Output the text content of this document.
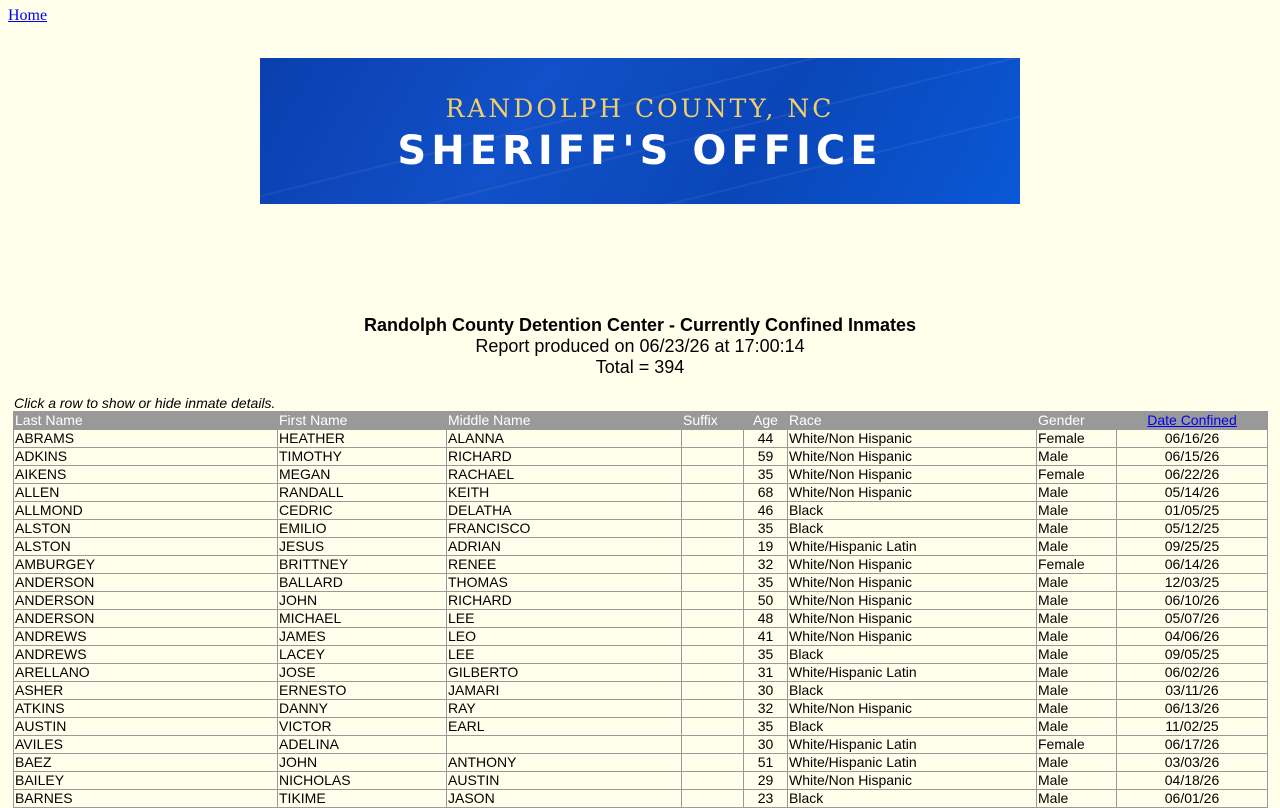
Home
RANDOLPH COUNTY, NC
SHERIFF'S OFFICE
Randolph County Detention Center - Currently Confined Inmates
Report produced on 06/23/26 at 17:00:14
Total = 394
Click a row to show or hide inmate details.
Last Name	First Name	Middle Name	Suffix	Age	Race	Gender	Date Confined
ABRAMS	HEATHER	ALANNA		44	White/Non Hispanic	Female	06/16/26
ADKINS	TIMOTHY	RICHARD		59	White/Non Hispanic	Male	06/15/26
AIKENS	MEGAN	RACHAEL		35	White/Non Hispanic	Female	06/22/26
ALLEN	RANDALL	KEITH		68	White/Non Hispanic	Male	05/14/26
ALLMOND	CEDRIC	DELATHA		46	Black	Male	01/05/25
ALSTON	EMILIO	FRANCISCO		35	Black	Male	05/12/25
ALSTON	JESUS	ADRIAN		19	White/Hispanic Latin	Male	09/25/25
AMBURGEY	BRITTNEY	RENEE		32	White/Non Hispanic	Female	06/14/26
ANDERSON	BALLARD	THOMAS		35	White/Non Hispanic	Male	12/03/25
ANDERSON	JOHN	RICHARD		50	White/Non Hispanic	Male	06/10/26
ANDERSON	MICHAEL	LEE		48	White/Non Hispanic	Male	05/07/26
ANDREWS	JAMES	LEO		41	White/Non Hispanic	Male	04/06/26
ANDREWS	LACEY	LEE		35	Black	Male	09/05/25
ARELLANO	JOSE	GILBERTO		31	White/Hispanic Latin	Male	06/02/26
ASHER	ERNESTO	JAMARI		30	Black	Male	03/11/26
ATKINS	DANNY	RAY		32	White/Non Hispanic	Male	06/13/26
AUSTIN	VICTOR	EARL		35	Black	Male	11/02/25
AVILES	ADELINA			30	White/Hispanic Latin	Female	06/17/26
BAEZ	JOHN	ANTHONY		51	White/Hispanic Latin	Male	03/03/26
BAILEY	NICHOLAS	AUSTIN		29	White/Non Hispanic	Male	04/18/26
BARNES	TIKIME	JASON		23	Black	Male	06/01/26
